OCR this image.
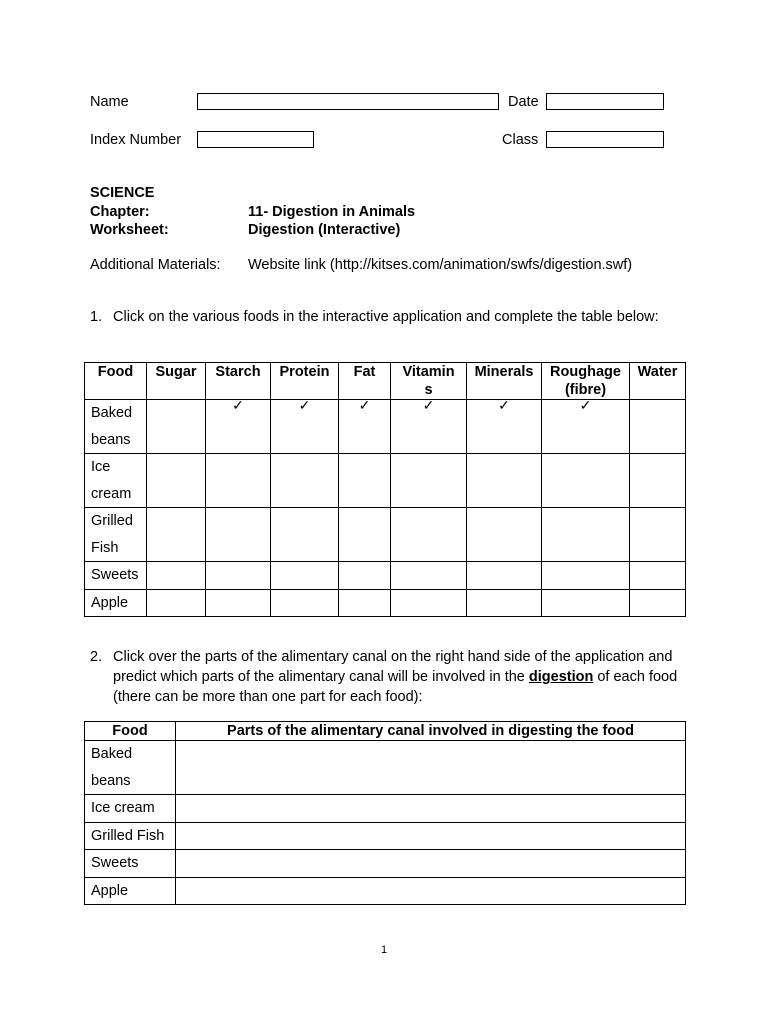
Name	Date
Index Number	Class
SCIENCE
Chapter:	11- Digestion in Animals
Worksheet:	Digestion (Interactive)
Additional Materials: Website link (http://kitses.com/animation/swfs/digestion.swf)
1. Click on the various foods in the interactive application and complete the table below:
Food	Sugar	Starch	Protein	Fat	Vitamin s	Minerals	Roughage (fibre)	Water
Baked beans		✓	✓	✓	✓	✓	✓	
Ice cream								
Grilled Fish								
Sweets								
Apple								
2. Click over the parts of the alimentary canal on the right hand side of the application and predict which parts of the alimentary canal will be involved in the digestion of each food (there can be more than one part for each food):
Food	Parts of the alimentary canal involved in digesting the food
Baked beans	
Ice cream	
Grilled Fish	
Sweets	
Apple	
1
